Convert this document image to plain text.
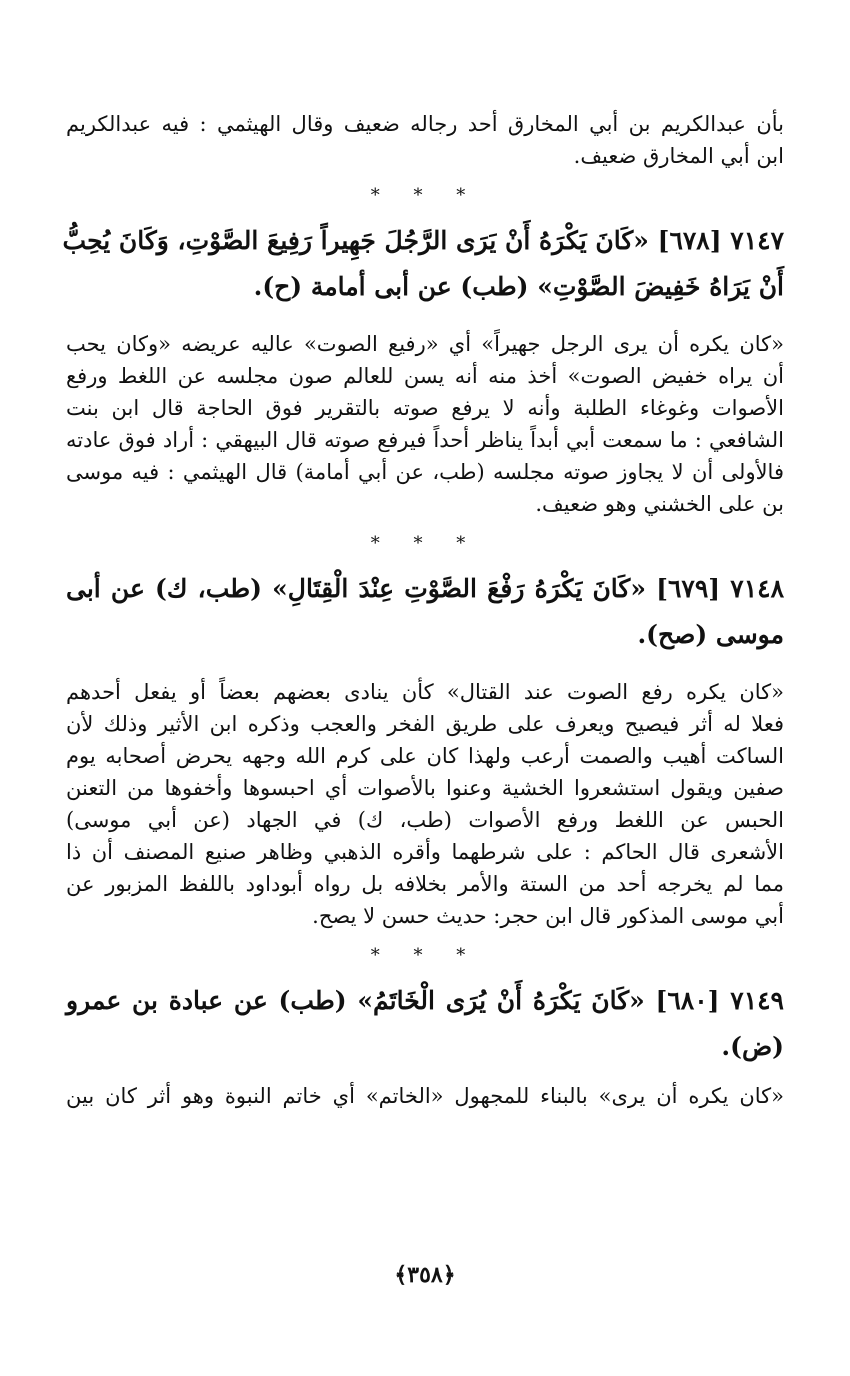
بأن عبدالكريم بن أبي المخارق أحد رجاله ضعيف وقال الهيثمي : فيه عبدالكريم
ابن أبي المخارق ضعيف.
* * *
٧١٤٧ [٦٧٨] «كَانَ يَكْرَهُ أَنْ يَرَى الرَّجُلَ جَهِيراً رَفِيعَ الصَّوْتِ، وَكَانَ يُحِبُّ
أَنْ يَرَاهُ خَفِيضَ الصَّوْتِ» (طب) عن أبى أمامة (ح).
«كان يكره أن يرى الرجل جهيراً» أي «رفيع الصوت» عاليه عريضه «وكان يحب
أن يراه خفيض الصوت» أخذ منه أنه يسن للعالم صون مجلسه عن اللغط ورفع
الأصوات وغوغاء الطلبة وأنه لا يرفع صوته بالتقرير فوق الحاجة قال ابن بنت
الشافعي : ما سمعت أبي أبداً يناظر أحداً فيرفع صوته قال البيهقي : أراد فوق عادته
فالأولى أن لا يجاوز صوته مجلسه (طب، عن أبي أمامة) قال الهيثمي : فيه موسى
بن على الخشني وهو ضعيف.
* * *
٧١٤٨ [٦٧٩] «كَانَ يَكْرَهُ رَفْعَ الصَّوْتِ عِنْدَ الْقِتَالِ» (طب، ك) عن أبى
موسى (صح).
«كان يكره رفع الصوت عند القتال» كأن ينادى بعضهم بعضاً أو يفعل أحدهم
فعلا له أثر فيصيح ويعرف على طريق الفخر والعجب وذكره ابن الأثير وذلك لأن
الساكت أهيب والصمت أرعب ولهذا كان على كرم الله وجهه يحرض أصحابه يوم
صفين ويقول استشعروا الخشية وعنوا بالأصوات أي احبسوها وأخفوها من التعنن
الحبس عن اللغط ورفع الأصوات (طب، ك) في الجهاد (عن أبي موسى)
الأشعرى قال الحاكم : على شرطهما وأقره الذهبي وظاهر صنيع المصنف أن ذا
مما لم يخرجه أحد من الستة والأمر بخلافه بل رواه أبوداود باللفظ المزبور عن
أبي موسى المذكور قال ابن حجر: حديث حسن لا يصح.
* * *
٧١٤٩ [٦٨٠] «كَانَ يَكْرَهُ أَنْ يُرَى الْخَاتَمُ» (طب) عن عبادة بن عمرو
(ض).
«كان يكره أن يرى» بالبناء للمجهول «الخاتم» أي خاتم النبوة وهو أثر كان بين
﴿٣٥٨﴾
